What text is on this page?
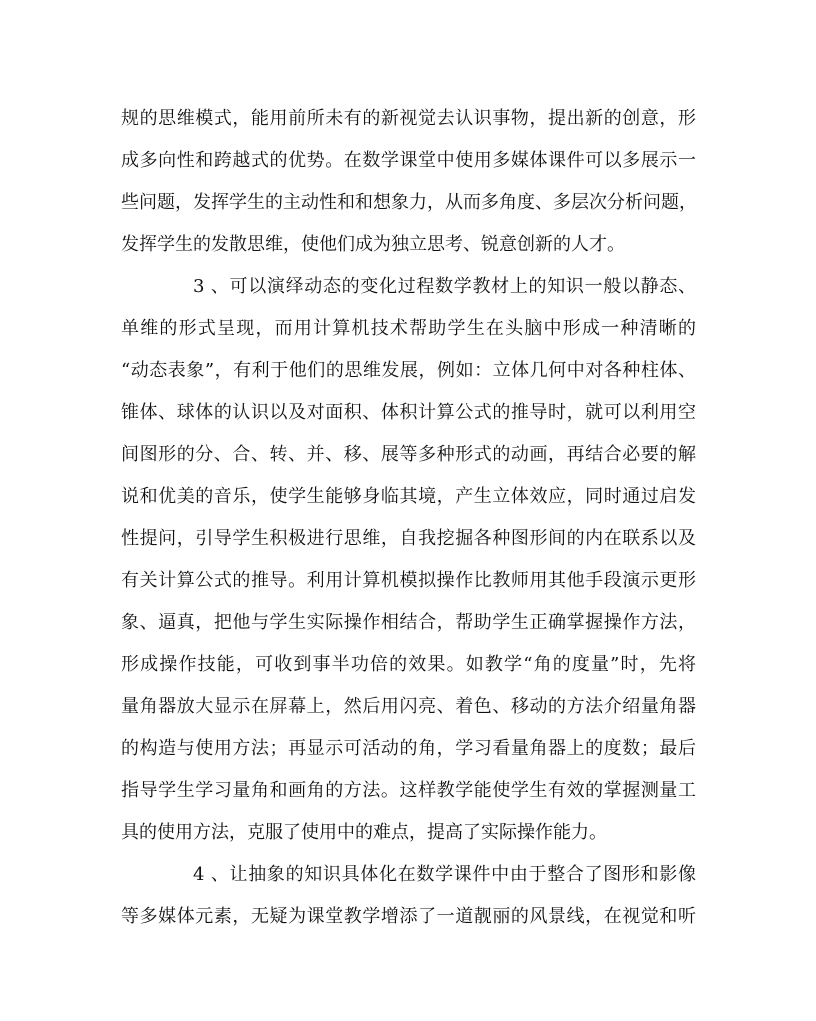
规的思维模式，能用前所未有的新视觉去认识事物，提出新的创意，形
成多向性和跨越式的优势。在数学课堂中使用多媒体课件可以多展示一
些问题，发挥学生的主动性和和想象力，从而多角度、多层次分析问题，
发挥学生的发散思维，使他们成为独立思考、锐意创新的人才。
3 、可以演绎动态的变化过程数学教材上的知识一般以静态、
单维的形式呈现，而用计算机技术帮助学生在头脑中形成一种清晰的
“动态表象”，有利于他们的思维发展，例如：立体几何中对各种柱体、
锥体、球体的认识以及对面积、体积计算公式的推导时，就可以利用空
间图形的分、合、转、并、移、展等多种形式的动画，再结合必要的解
说和优美的音乐，使学生能够身临其境，产生立体效应，同时通过启发
性提问，引导学生积极进行思维，自我挖掘各种图形间的内在联系以及
有关计算公式的推导。利用计算机模拟操作比教师用其他手段演示更形
象、逼真，把他与学生实际操作相结合，帮助学生正确掌握操作方法，
形成操作技能，可收到事半功倍的效果。如教学“角的度量”时，先将
量角器放大显示在屏幕上，然后用闪亮、着色、移动的方法介绍量角器
的构造与使用方法；再显示可活动的角，学习看量角器上的度数；最后
指导学生学习量角和画角的方法。这样教学能使学生有效的掌握测量工
具的使用方法，克服了使用中的难点，提高了实际操作能力。
4 、让抽象的知识具体化在数学课件中由于整合了图形和影像
等多媒体元素，无疑为课堂教学增添了一道靓丽的风景线，在视觉和听
